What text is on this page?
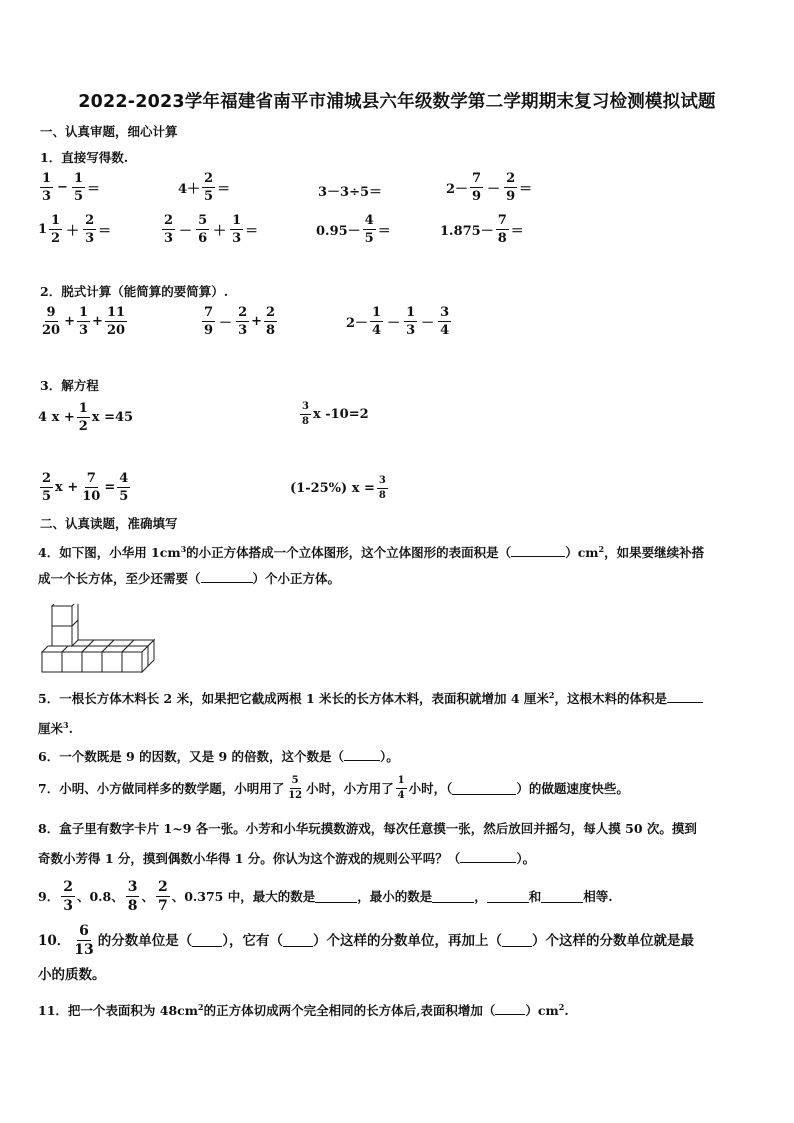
2022-2023学年福建省南平市浦城县六年级数学第二学期期末复习检测模拟试题
一、认真审题，细心计算
1．直接写得数.
$\frac{1}{3} - \frac{1}{5}$ ＝	$4+ \frac{2}{5}$ ＝	3－3÷5＝	$2- \frac{7}{9} - \frac{2}{9}$ ＝
$1 \frac{1}{2} + \frac{2}{3}$ ＝	$\frac{2}{3} - \frac{5}{6} + \frac{1}{3}$ ＝	$0.95- \frac{4}{5}$ ＝	$1.875- \frac{7}{8}$ ＝
2．脱式计算（能简算的要简算）.
$\frac{9}{20} + \frac{1}{3} + \frac{11}{20}$	$\frac{7}{9} - \frac{2}{3} + \frac{2}{8}$	$2- \frac{1}{4} - \frac{1}{3} - \frac{3}{4}$
3．解方程
4 $x + \frac{1}{2}$ x =45	$\frac{3}{8}$ x -10=2
$\frac{2}{5}$ $x + \frac{7}{10} = \frac{4}{5}$	(1-25%) $x = \frac{3}{8}$
二、认真读题，准确填写
4．如下图，小华用 $1cm^3$的小正方体搭成一个立体图形，这个立体图形的表面积是（	）$cm^2$，如果要继续补搭
成一个长方体，至少还需要（	）个小正方体。
5．一根长方体木料长 2 米，如果把它截成两根 1 米长的长方体木料，表面积就增加 4 厘米$^2$，这根木料的体积是
厘米$^3$.
6．一个数既是 9 的因数，又是 9 的倍数，这个数是（	）。
7．小明、小方做同样多的数学题，小明用了 $\frac{5}{12}$ 小时，小方用了 $\frac{1}{4}$ 小时，（	）的做题速度快些。
8．盒子里有数字卡片 1~9 各一张。小芳和小华玩摸数游戏，每次任意摸一张，然后放回并摇匀，每人摸 50 次。摸到
奇数小芳得 1 分，摸到偶数小华得 1 分。你认为这个游戏的规则公平吗？（	）。
9． $\frac{2}{3}$ 、0.8、 $\frac{3}{8}$ 、 $\frac{2}{7}$ 、0.375 中，最大的数是	，最小的数是	，	和	相等.
10． $\frac{6}{13}$ 的分数单位是（ ），它有（ ）个这样的分数单位，再加上（ ）个这样的分数单位就是最
小的质数。
11．把一个表面积为 $48cm^2$的正方体切成两个完全相同的长方体后,表面积增加（ ）$cm^2$.
